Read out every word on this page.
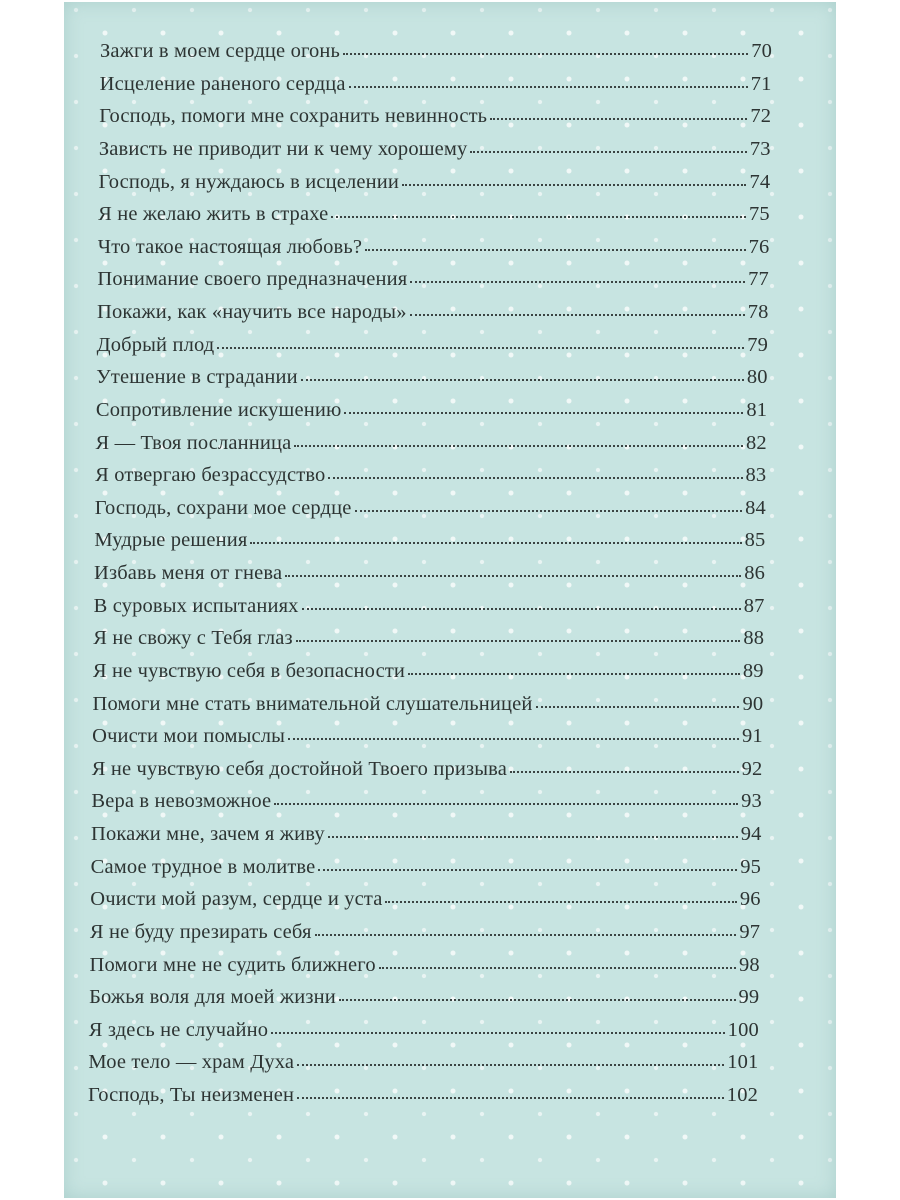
Зажги в моем сердце огонь	70
Исцеление раненого сердца	71
Господь, помоги мне сохранить невинность	72
Зависть не приводит ни к чему хорошему	73
Господь, я нуждаюсь в исцелении	74
Я не желаю жить в страхе	75
Что такое настоящая любовь?	76
Понимание своего предназначения	77
Покажи, как «научить все народы»	78
Добрый плод	79
Утешение в страдании	80
Сопротивление искушению	81
Я — Твоя посланница	82
Я отвергаю безрассудство	83
Господь, сохрани мое сердце	84
Мудрые решения	85
Избавь меня от гнева	86
В суровых испытаниях	87
Я не свожу с Тебя глаз	88
Я не чувствую себя в безопасности	89
Помоги мне стать внимательной слушательницей	90
Очисти мои помыслы	91
Я не чувствую себя достойной Твоего призыва	92
Вера в невозможное	93
Покажи мне, зачем я живу	94
Самое трудное в молитве	95
Очисти мой разум, сердце и уста	96
Я не буду презирать себя	97
Помоги мне не судить ближнего	98
Божья воля для моей жизни	99
Я здесь не случайно	100
Мое тело — храм Духа	101
Господь, Ты неизменен	102
